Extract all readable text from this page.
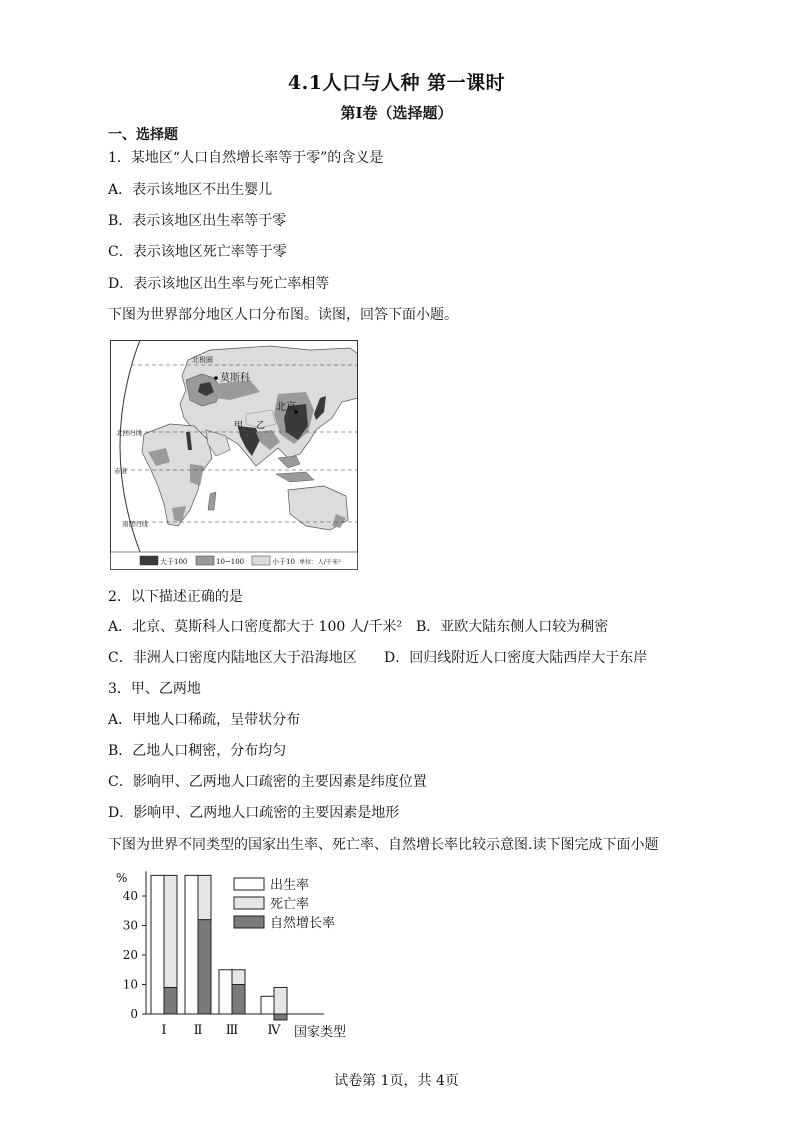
4.1人口与人种 第一课时
第I卷（选择题）
一、选择题
1．某地区“人口自然增长率等于零”的含义是
A．表示该地区不出生婴儿
B．表示该地区出生率等于零
C．表示该地区死亡率等于零
D．表示该地区出生率与死亡率相等
下图为世界部分地区人口分布图。读图，回答下面小题。
北极圈
莫斯科
北京
甲 乙
北回归线
赤道
南回归线
大于100	10~100	小于10 单位：人/千米²
2．以下描述正确的是
A．北京、莫斯科人口密度都大于 100 人/千米² B．亚欧大陆东侧人口较为稠密
C．非洲人口密度内陆地区大于沿海地区	D．回归线附近人口密度大陆西岸大于东岸
3．甲、乙两地
A．甲地人口稀疏，呈带状分布
B．乙地人口稠密，分布均匀
C．影响甲、乙两地人口疏密的主要因素是纬度位置
D．影响甲、乙两地人口疏密的主要因素是地形
下图为世界不同类型的国家出生率、死亡率、自然增长率比较示意图.读下图完成下面小题
%
国家类型
0
10
20
30
40
Ⅰ Ⅱ Ⅲ Ⅳ
出生率
死亡率
自然增长率
试卷第 1页，共 4页
